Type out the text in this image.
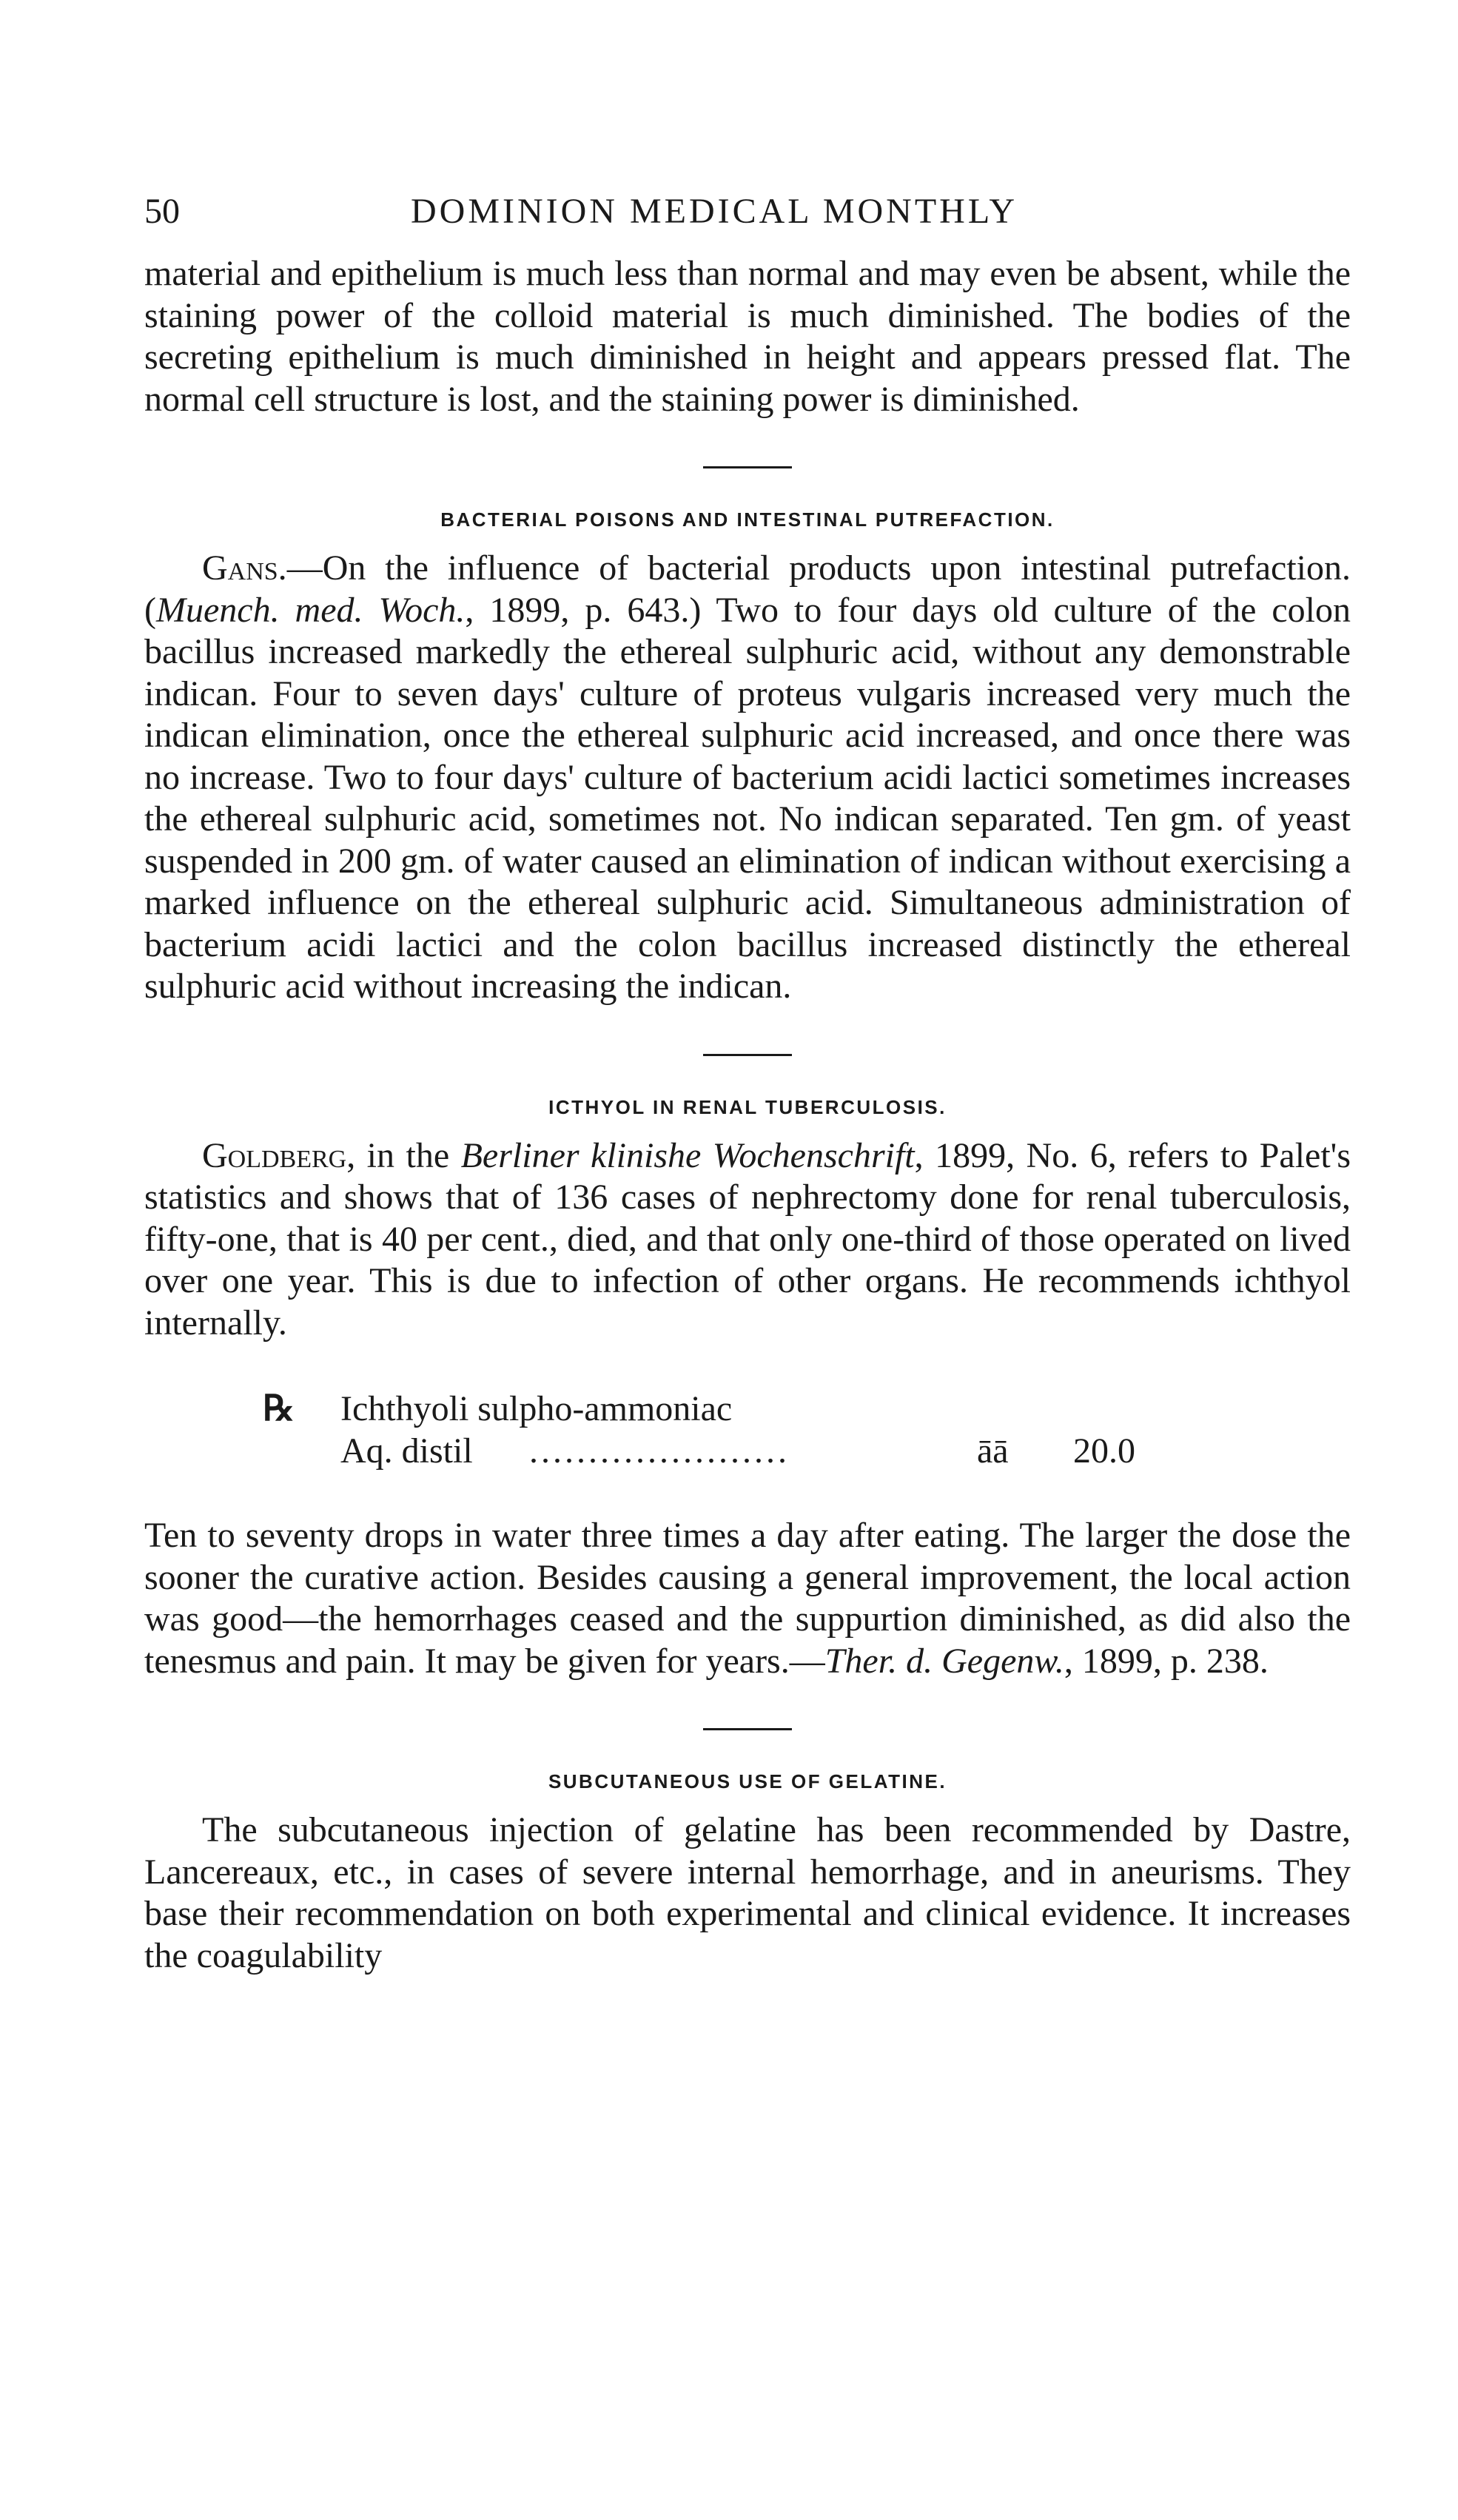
50	DOMINION MEDICAL MONTHLY

material and epithelium is much less than normal and may even be absent, while the staining power of the colloid material is much diminished. The bodies of the secreting epithelium is much diminished in height and appears pressed flat. The normal cell structure is lost, and the staining power is diminished.

BACTERIAL POISONS AND INTESTINAL PUTREFACTION.

Gans.—On the influence of bacterial products upon intestinal putrefaction. (Muench. med. Woch., 1899, p. 643.) Two to four days old culture of the colon bacillus increased markedly the ethereal sulphuric acid, without any demonstrable indican. Four to seven days' culture of proteus vulgaris increased very much the indican elimination, once the ethereal sulphuric acid increased, and once there was no increase. Two to four days' culture of bacterium acidi lactici sometimes increases the ethereal sulphuric acid, sometimes not. No indican separated. Ten gm. of yeast suspended in 200 gm. of water caused an elimination of indican without exercising a marked influence on the ethereal sulphuric acid. Simultaneous administration of bacterium acidi lactici and the colon bacillus increased distinctly the ethereal sulphuric acid without increasing the indican.

ICTHYOL IN RENAL TUBERCULOSIS.

Goldberg, in the Berliner klinishe Wochenschrift, 1899, No. 6, refers to Palet's statistics and shows that of 136 cases of nephrectomy done for renal tuberculosis, fifty-one, that is 40 per cent., died, and that only one-third of those operated on lived over one year. This is due to infection of other organs. He recommends ichthyol internally.

℞ Ichthyoli sulpho-ammoniac
Aq. distil ......................	āā 20.0

Ten to seventy drops in water three times a day after eating. The larger the dose the sooner the curative action. Besides causing a general improvement, the local action was good—the hemorrhages ceased and the suppurtion diminished, as did also the tenesmus and pain. It may be given for years.—Ther. d. Gegenw., 1899, p. 238.

SUBCUTANEOUS USE OF GELATINE.

The subcutaneous injection of gelatine has been recommended by Dastre, Lancereaux, etc., in cases of severe internal hemorrhage, and in aneurisms. They base their recommendation on both experimental and clinical evidence. It increases the coagulability
